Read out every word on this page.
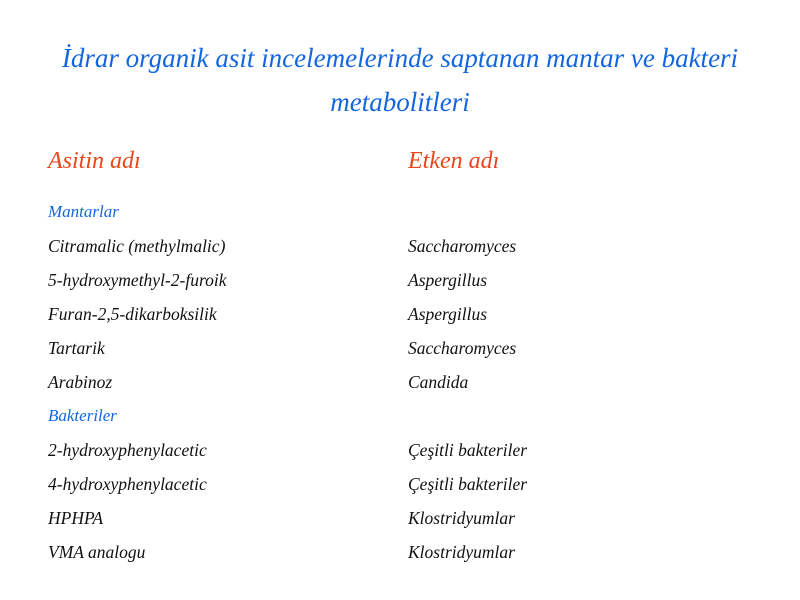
İdrar organik asit incelemelerinde saptanan mantar ve bakteri metabolitleri
Asitin adı	Etken adı
Mantarlar
Citramalic (methylmalic)	Saccharomyces
5-hydroxymethyl-2-furoik	Aspergillus
Furan-2,5-dikarboksilik	Aspergillus
Tartarik	Saccharomyces
Arabinoz	Candida
Bakteriler
2-hydroxyphenylacetic	Çeşitli bakteriler
4-hydroxyphenylacetic	Çeşitli bakteriler
HPHPA	Klostridyumlar
VMA analogu	Klostridyumlar
